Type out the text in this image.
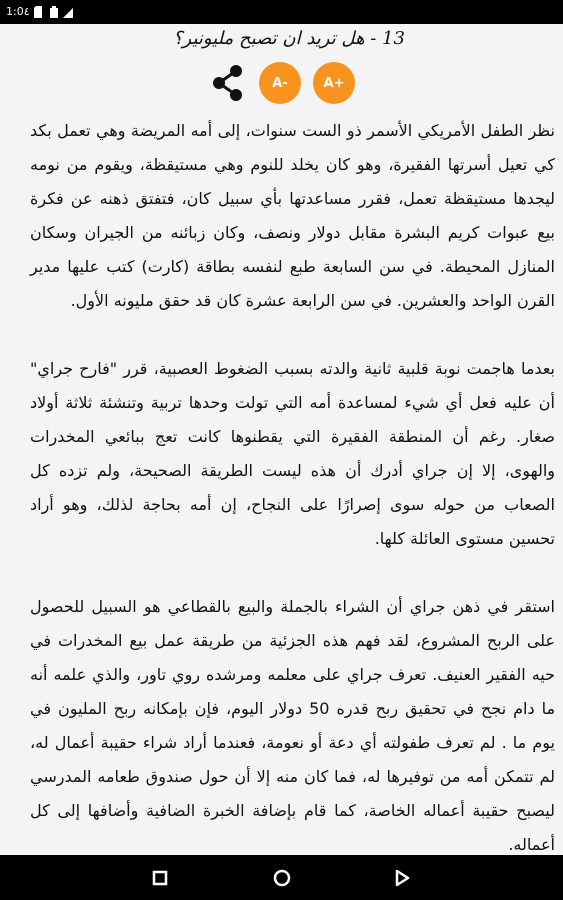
1:0٤
13 - هل تريد ان تصبح مليونير؟
A+
A-

نظر الطفل الأمريكي الأسمر ذو الست سنوات، إلى أمه المريضة وهي تعمل بكد كي تعيل أسرتها الفقيرة، وهو كان يخلد للنوم وهي مستيقظة، ويقوم من نومه ليجدها مستيقظة تعمل، فقرر مساعدتها بأي سبيل كان، فتفتق ذهنه عن فكرة بيع عبوات كريم البشرة مقابل دولار ونصف، وكان زبائنه من الجيران وسكان المنازل المحيطة. في سن السابعة طبع لنفسه بطاقة (كارت) كتب عليها مدير القرن الواحد والعشرين. في سن الرابعة عشرة كان قد حقق مليونه الأول.

بعدما هاجمت نوبة قلبية ثانية والدته بسبب الضغوط العصبية، قرر "فارح جراي" أن عليه فعل أي شيء لمساعدة أمه التي تولت وحدها تربية وتنشئة ثلاثة أولاد صغار. رغم أن المنطقة الفقيرة التي يقطنوها كانت تعج ببائعي المخدرات والهوى، إلا إن جراي أدرك أن هذه ليست الطريقة الصحيحة، ولم تزده كل الصعاب من حوله سوى إصرارًا على النجاح، إن أمه بحاجة لذلك، وهو أراد تحسين مستوى العائلة كلها.

استقر في ذهن جراي أن الشراء بالجملة والبيع بالقطاعي هو السبيل للحصول على الربح المشروع، لقد فهم هذه الجزئية من طريقة عمل بيع المخدرات في حيه الفقير العنيف. تعرف جراي على معلمه ومرشده روي تاور، والذي علمه أنه ما دام نجح في تحقيق ربح قدره 50 دولار اليوم، فإن بإمكانه ربح المليون في يوم ما . لم تعرف طفولته أي دعة أو نعومة، فعندما أراد شراء حقيبة أعمال له، لم تتمكن أمه من توفيرها له، فما كان منه إلا أن حول صندوق طعامه المدرسي ليصبح حقيبة أعماله الخاصة، كما قام بإضافة الخبرة الضافية وأضافها إلى كل أعماله.
